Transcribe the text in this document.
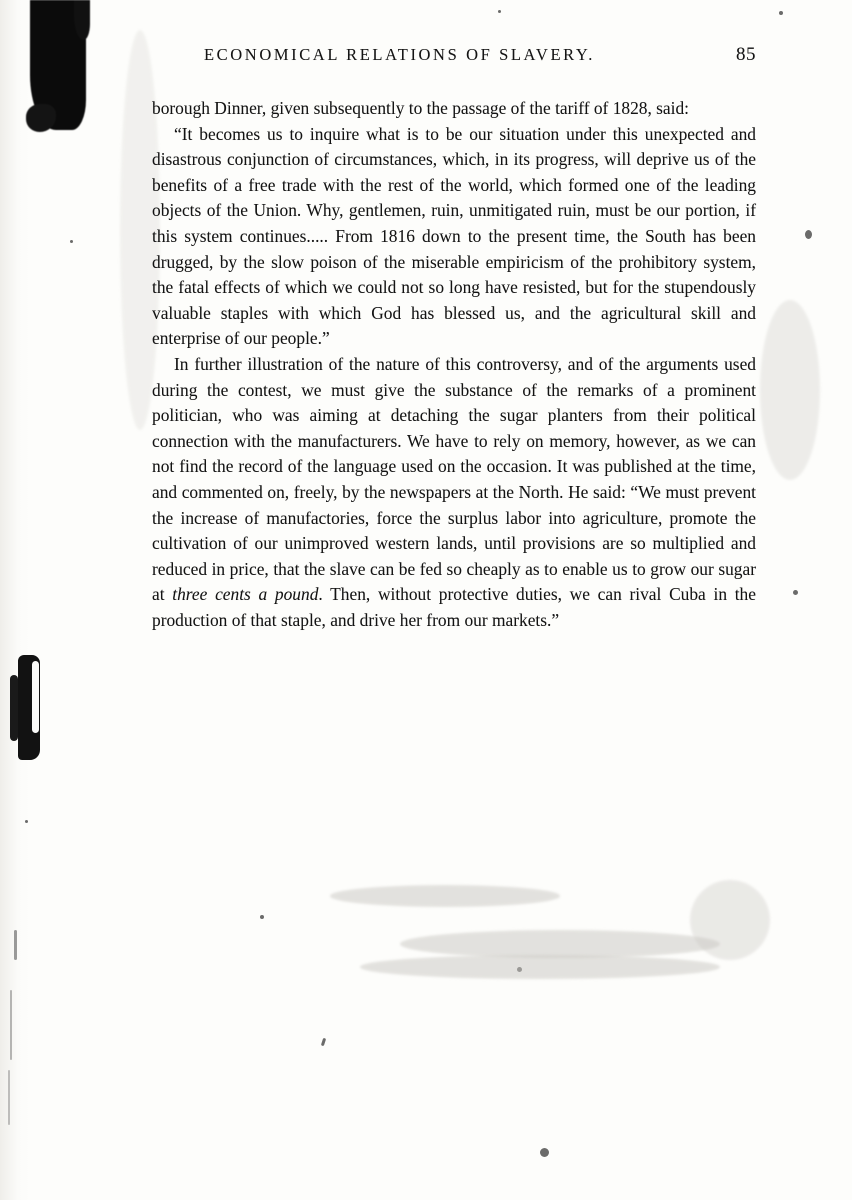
ECONOMICAL RELATIONS OF SLAVERY.	85

borough Dinner, given subsequently to the passage of the tariff of 1828, said:

“It becomes us to inquire what is to be our situation under this unexpected and disastrous conjunction of circumstances, which, in its progress, will deprive us of the benefits of a free trade with the rest of the world, which formed one of the leading objects of the Union. Why, gentlemen, ruin, unmitigated ruin, must be our portion, if this system continues..... From 1816 down to the present time, the South has been drugged, by the slow poison of the miserable empiricism of the prohibitory system, the fatal effects of which we could not so long have resisted, but for the stupendously valuable staples with which God has blessed us, and the agricultural skill and enterprise of our people.”

In further illustration of the nature of this controversy, and of the arguments used during the contest, we must give the substance of the remarks of a prominent politician, who was aiming at detaching the sugar planters from their political connection with the manufacturers. We have to rely on memory, however, as we can not find the record of the language used on the occasion. It was published at the time, and commented on, freely, by the newspapers at the North. He said: “We must prevent the increase of manufactories, force the surplus labor into agriculture, promote the cultivation of our unimproved western lands, until provisions are so multiplied and reduced in price, that the slave can be fed so cheaply as to enable us to grow our sugar at three cents a pound. Then, without protective duties, we can rival Cuba in the production of that staple, and drive her from our markets.”
